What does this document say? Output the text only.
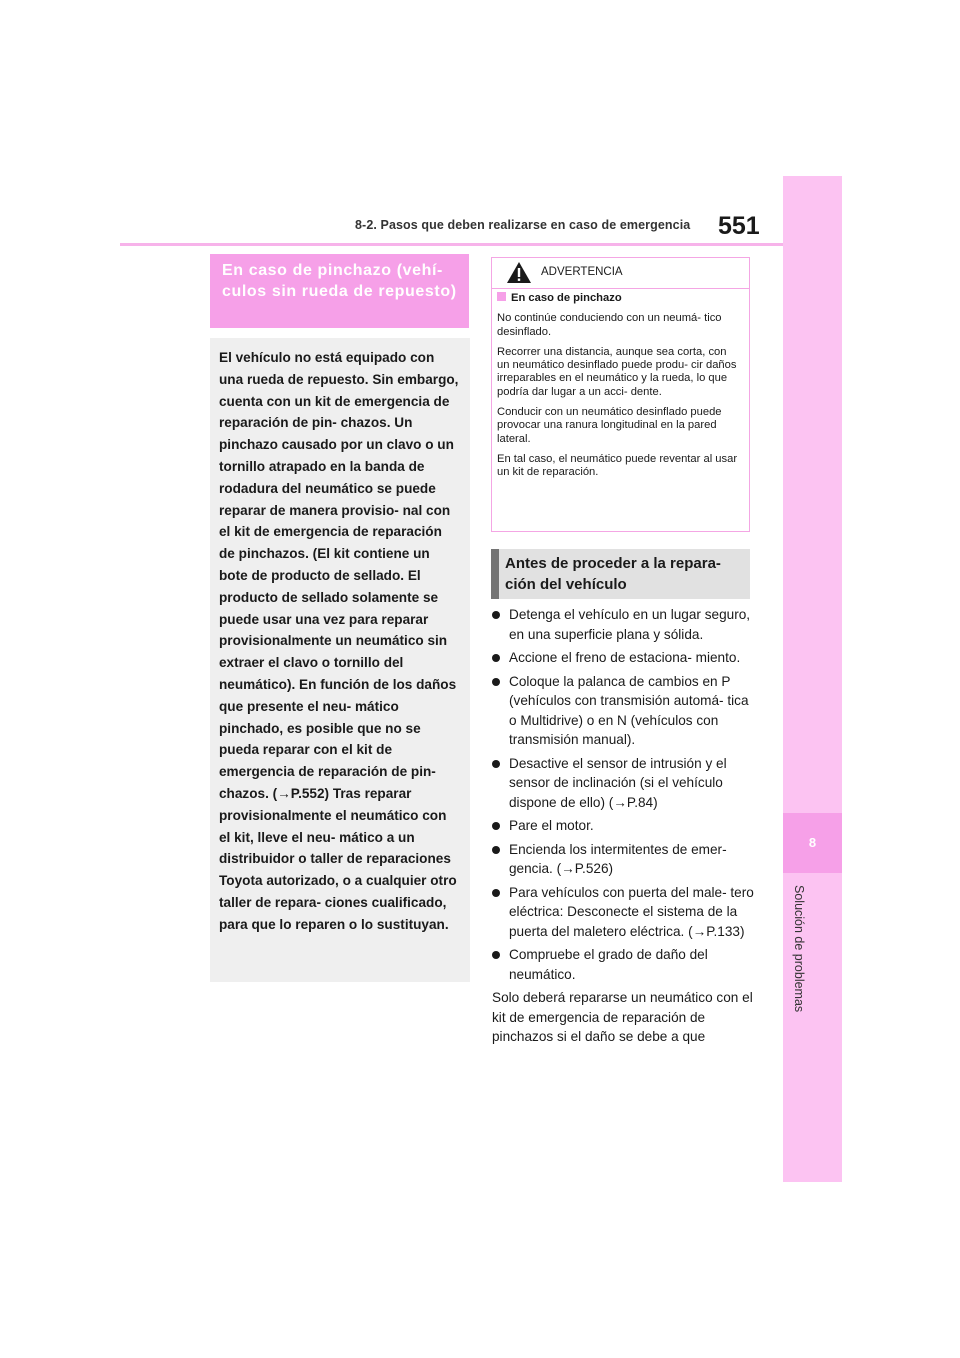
8-2. Pasos que deben realizarse en caso de emergencia 551
8
Solución de problemas
En caso de pinchazo (vehí- culos sin rueda de repuesto)
El vehículo no está equipado con una rueda de repuesto. Sin embargo, cuenta con un kit de emergencia de reparación de pin- chazos. Un pinchazo causado por un clavo o un tornillo atrapado en la banda de rodadura del neumático se puede reparar de manera provisio- nal con el kit de emergencia de reparación de pinchazos. (El kit contiene un bote de producto de sellado. El producto de sellado solamente se puede usar una vez para reparar provisionalmente un neumático sin extraer el clavo o tornillo del neumático). En función de los daños que presente el neu- mático pinchado, es posible que no se pueda reparar con el kit de emergencia de reparación de pin- chazos. (→P.552) Tras reparar provisionalmente el neumático con el kit, lleve el neu- mático a un distribuidor o taller de reparaciones Toyota autorizado, o a cualquier otro taller de repara- ciones cualificado, para que lo reparen o lo sustituyan.
ADVERTENCIA
En caso de pinchazo

No continúe conduciendo con un neumá- tico desinflado.

Recorrer una distancia, aunque sea corta, con un neumático desinflado puede produ- cir daños irreparables en el neumático y la rueda, lo que podría dar lugar a un acci- dente.

Conducir con un neumático desinflado puede provocar una ranura longitudinal en la pared lateral.

En tal caso, el neumático puede reventar al usar un kit de reparación.

Antes de proceder a la repara- ción del vehículo
Detenga el vehículo en un lugar seguro, en una superficie plana y sólida.
Accione el freno de estaciona- miento.
Coloque la palanca de cambios en P (vehículos con transmisión automá- tica o Multidrive) o en N (vehículos con transmisión manual).
Desactive el sensor de intrusión y el sensor de inclinación (si el vehículo dispone de ello) (→P.84)
Pare el motor.
Encienda los intermitentes de emer- gencia. (→P.526)
Para vehículos con puerta del male- tero eléctrica: Desconecte el sistema de la puerta del maletero eléctrica. (→P.133)
Compruebe el grado de daño del neumático.
Solo deberá repararse un neumático con el kit de emergencia de reparación de pinchazos si el daño se debe a que
